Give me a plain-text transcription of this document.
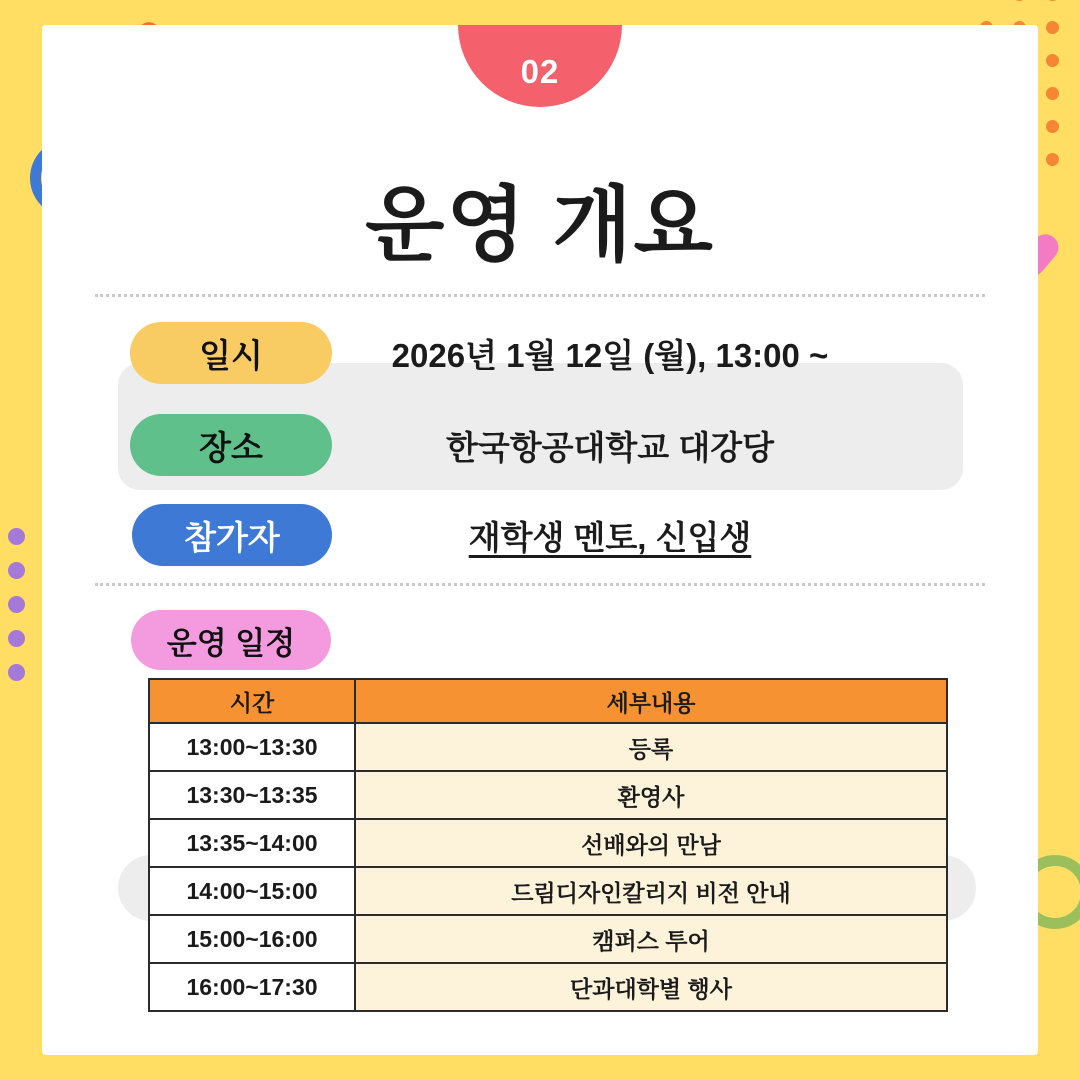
02
운영 개요
일시	2026년 1월 12일 (월), 13:00 ~
장소	한국항공대학교 대강당
참가자	재학생 멘토, 신입생
운영 일정
시간	세부내용
13:00~13:30	등록
13:30~13:35	환영사
13:35~14:00	선배와의 만남
14:00~15:00	드림디자인칼리지 비전 안내
15:00~16:00	캠퍼스 투어
16:00~17:30	단과대학별 행사
